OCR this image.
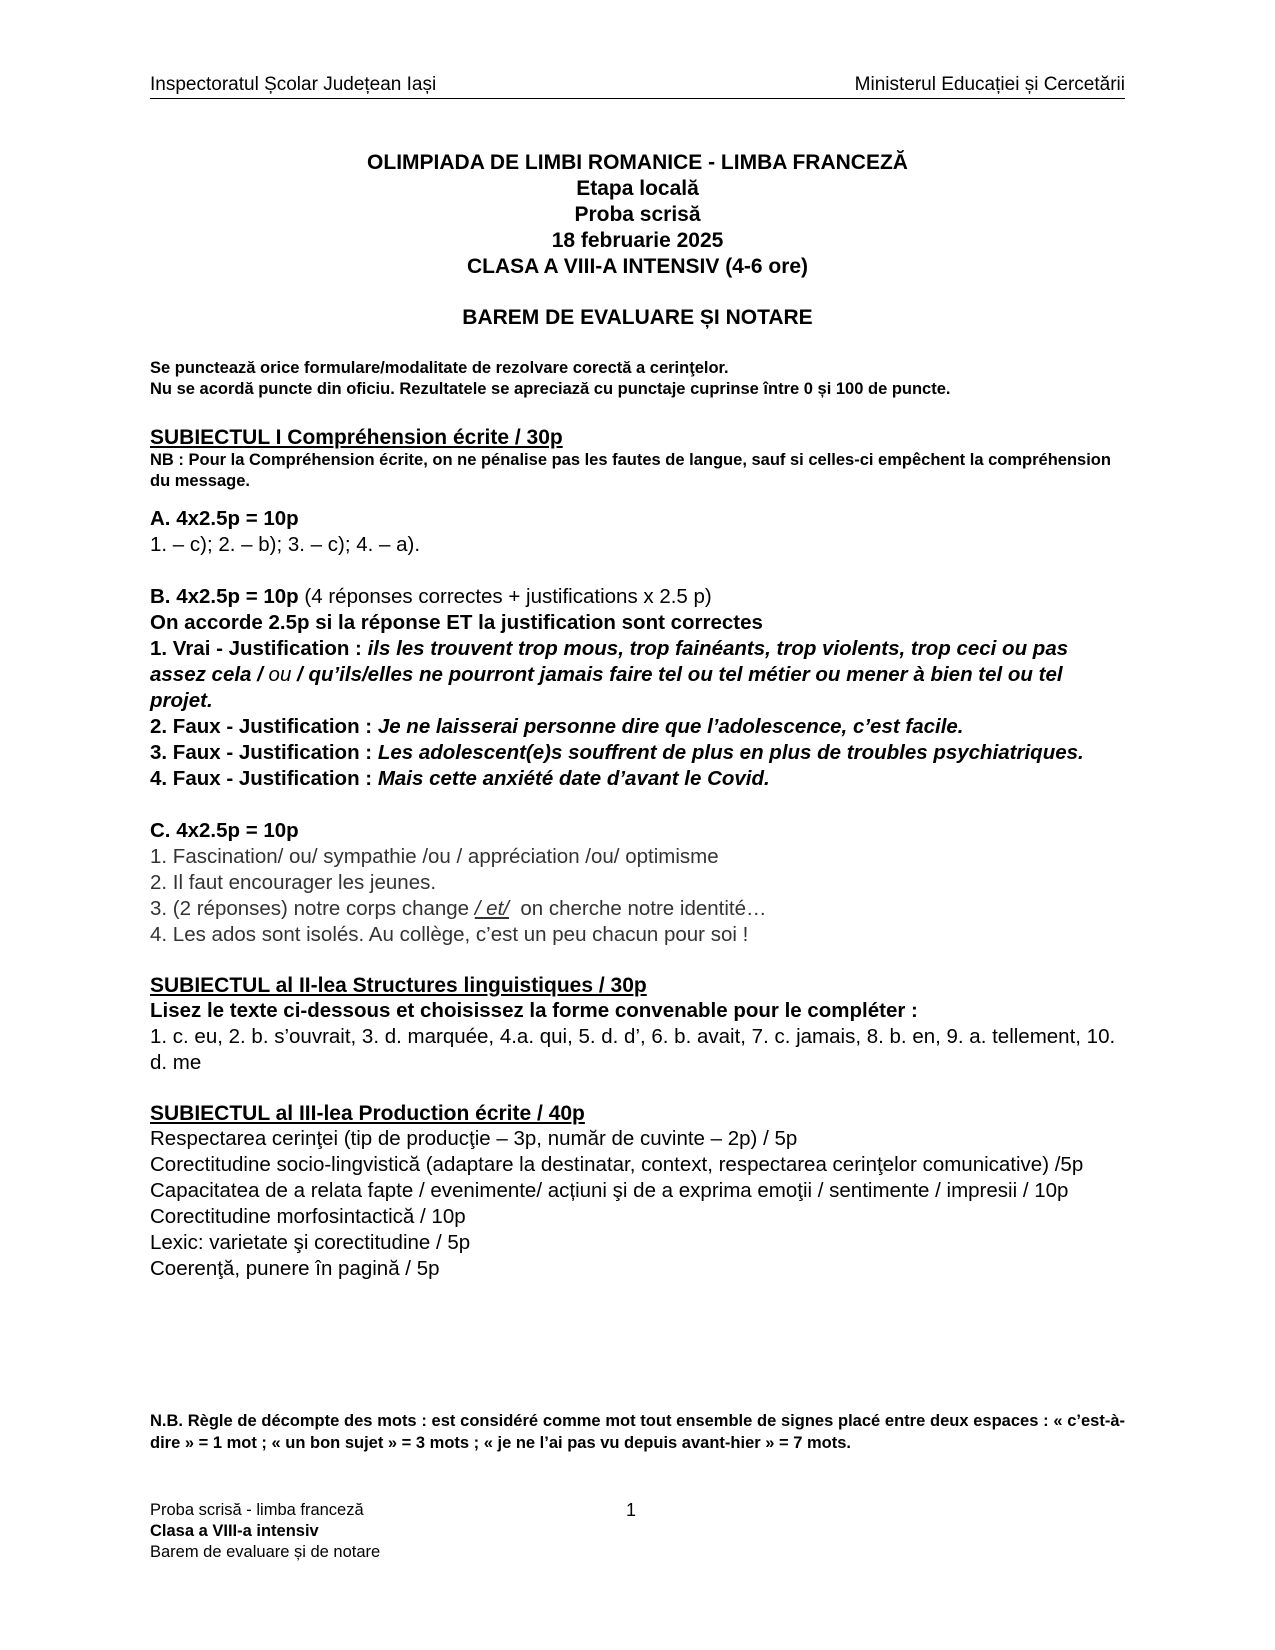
Inspectoratul Școlar Județean Iași	Ministerul Educației și Cercetării
OLIMPIADA DE LIMBI ROMANICE - LIMBA FRANCEZĂ
Etapa locală
Proba scrisă
18 februarie 2025
CLASA A VIII-A INTENSIV (4-6 ore)
BAREM DE EVALUARE ȘI NOTARE
Se punctează orice formulare/modalitate de rezolvare corectă a cerinţelor.
Nu se acordă puncte din oficiu. Rezultatele se apreciază cu punctaje cuprinse între 0 și 100 de puncte.
SUBIECTUL I Compréhension écrite / 30p
NB : Pour la Compréhension écrite, on ne pénalise pas les fautes de langue, sauf si celles-ci empêchent la compréhension du message.
A. 4x2.5p = 10p
1. – c); 2. – b); 3. – c); 4. – a).
B. 4x2.5p = 10p (4 réponses correctes + justifications x 2.5 p)
On accorde 2.5p si la réponse ET la justification sont correctes
1. Vrai - Justification : ils les trouvent trop mous, trop fainéants, trop violents, trop ceci ou pas assez cela / ou / qu’ils/elles ne pourront jamais faire tel ou tel métier ou mener à bien tel ou tel projet.
2. Faux - Justification : Je ne laisserai personne dire que l’adolescence, c’est facile.
3. Faux - Justification : Les adolescent(e)s souffrent de plus en plus de troubles psychiatriques.
4. Faux - Justification : Mais cette anxiété date d’avant le Covid.
C. 4x2.5p = 10p
1. Fascination/ ou/ sympathie /ou / appréciation /ou/ optimisme
2. Il faut encourager les jeunes.
3. (2 réponses) notre corps change / et/  on cherche notre identité…
4. Les ados sont isolés. Au collège, c’est un peu chacun pour soi !
SUBIECTUL al II-lea Structures linguistiques / 30p
Lisez le texte ci-dessous et choisissez la forme convenable pour le compléter :
1. c. eu, 2. b. s’ouvrait, 3. d. marquée, 4.a. qui, 5. d. d’, 6. b. avait, 7. c. jamais, 8. b. en, 9. a. tellement, 10. d. me
SUBIECTUL al III-lea Production écrite / 40p
Respectarea cerinţei (tip de producţie – 3p, număr de cuvinte – 2p) / 5p
Corectitudine socio-lingvistică (adaptare la destinatar, context, respectarea cerinţelor comunicative) /5p
Capacitatea de a relata fapte / evenimente/ acțiuni şi de a exprima emoţii / sentimente / impresii / 10p
Corectitudine morfosintactică / 10p
Lexic: varietate şi corectitudine / 5p
Coerenţă, punere în pagină / 5p
N.B. Règle de décompte des mots : est considéré comme mot tout ensemble de signes placé entre deux espaces : « c’est-à-dire » = 1 mot ; « un bon sujet » = 3 mots ; « je ne l’ai pas vu depuis avant-hier » = 7 mots.
Proba scrisă - limba franceză
Clasa a VIII-a intensiv
Barem de evaluare și de notare
1
